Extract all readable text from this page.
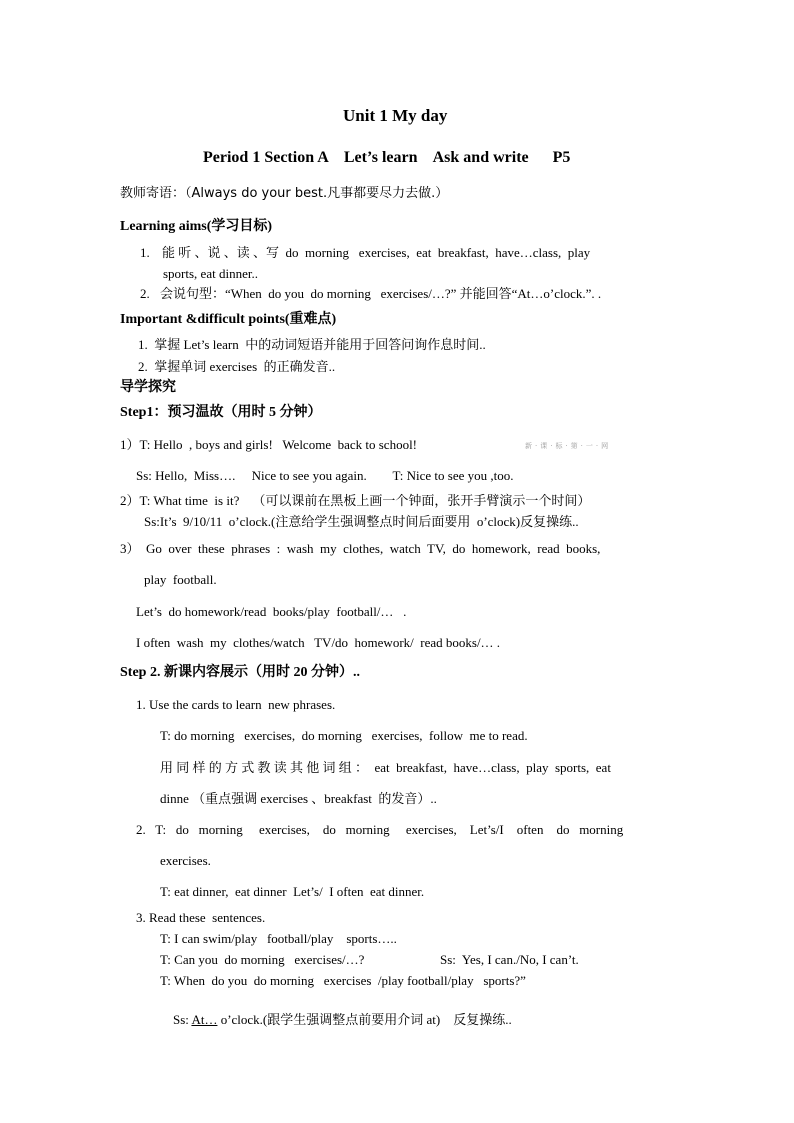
Unit 1 My day
Period 1 Section A    Let’s learn    Ask and write      P5
教师寄语：（Always do your best.凡事都要尽力去做.）
Learning aims(学习目标)
1. 能 听 、说 、读 、写  do  morning   exercises,  eat  breakfast,  have…class,  play
sports, eat dinner..
2. 会说句型：“When  do you  do morning   exercises/…?” 并能回答“At…o’clock.”. .
Important &difficult points(重难点)
1.  掌握 Let’s learn  中的动词短语并能用于回答问询作息时间..
2.  掌握单词 exercises  的正确发音..
导学探究
Step1：预习温故（用时 5 分钟）
1）T: Hello  , boys and girls!   Welcome  back to school!	新·课·标·第·一·网
Ss: Hello,  Miss….     Nice to see you again.        T: Nice to see you ,too.
2）T: What time  is it?    （可以课前在黑板上画一个钟面，张开手臂演示一个时间）
Ss:It’s  9/10/11  o’clock.(注意给学生强调整点时间后面要用  o’clock)反复操练..
3）  Go  over  these  phrases  :  wash  my  clothes,  watch  TV,  do  homework,  read  books,
play  football.
Let’s  do homework/read  books/play  football/…   .
I often  wash  my  clothes/watch   TV/do  homework/  read books/… .
Step 2. 新课内容展示（用时 20 分钟）..
1. Use the cards to learn  new phrases.
T: do morning   exercises,  do morning   exercises,  follow  me to read.
用 同 样 的 方 式 教 读 其 他 词 组 ：  eat  breakfast,  have…class,  play  sports,  eat
dinne （重点强调 exercises 、breakfast  的发音）..
2.   T:   do   morning     exercises,    do   morning     exercises,    Let’s/I    often    do   morning
exercises.
T: eat dinner,  eat dinner  Let’s/  I often  eat dinner.
3. Read these  sentences.
T: I can swim/play   football/play    sports…..
T: Can you  do morning   exercises/…?	Ss:  Yes, I can./No, I can’t.
T: When  do you  do morning   exercises  /play football/play   sports?”

Ss: At… o’clock.(跟学生强调整点前要用介词 at)    反复操练..
